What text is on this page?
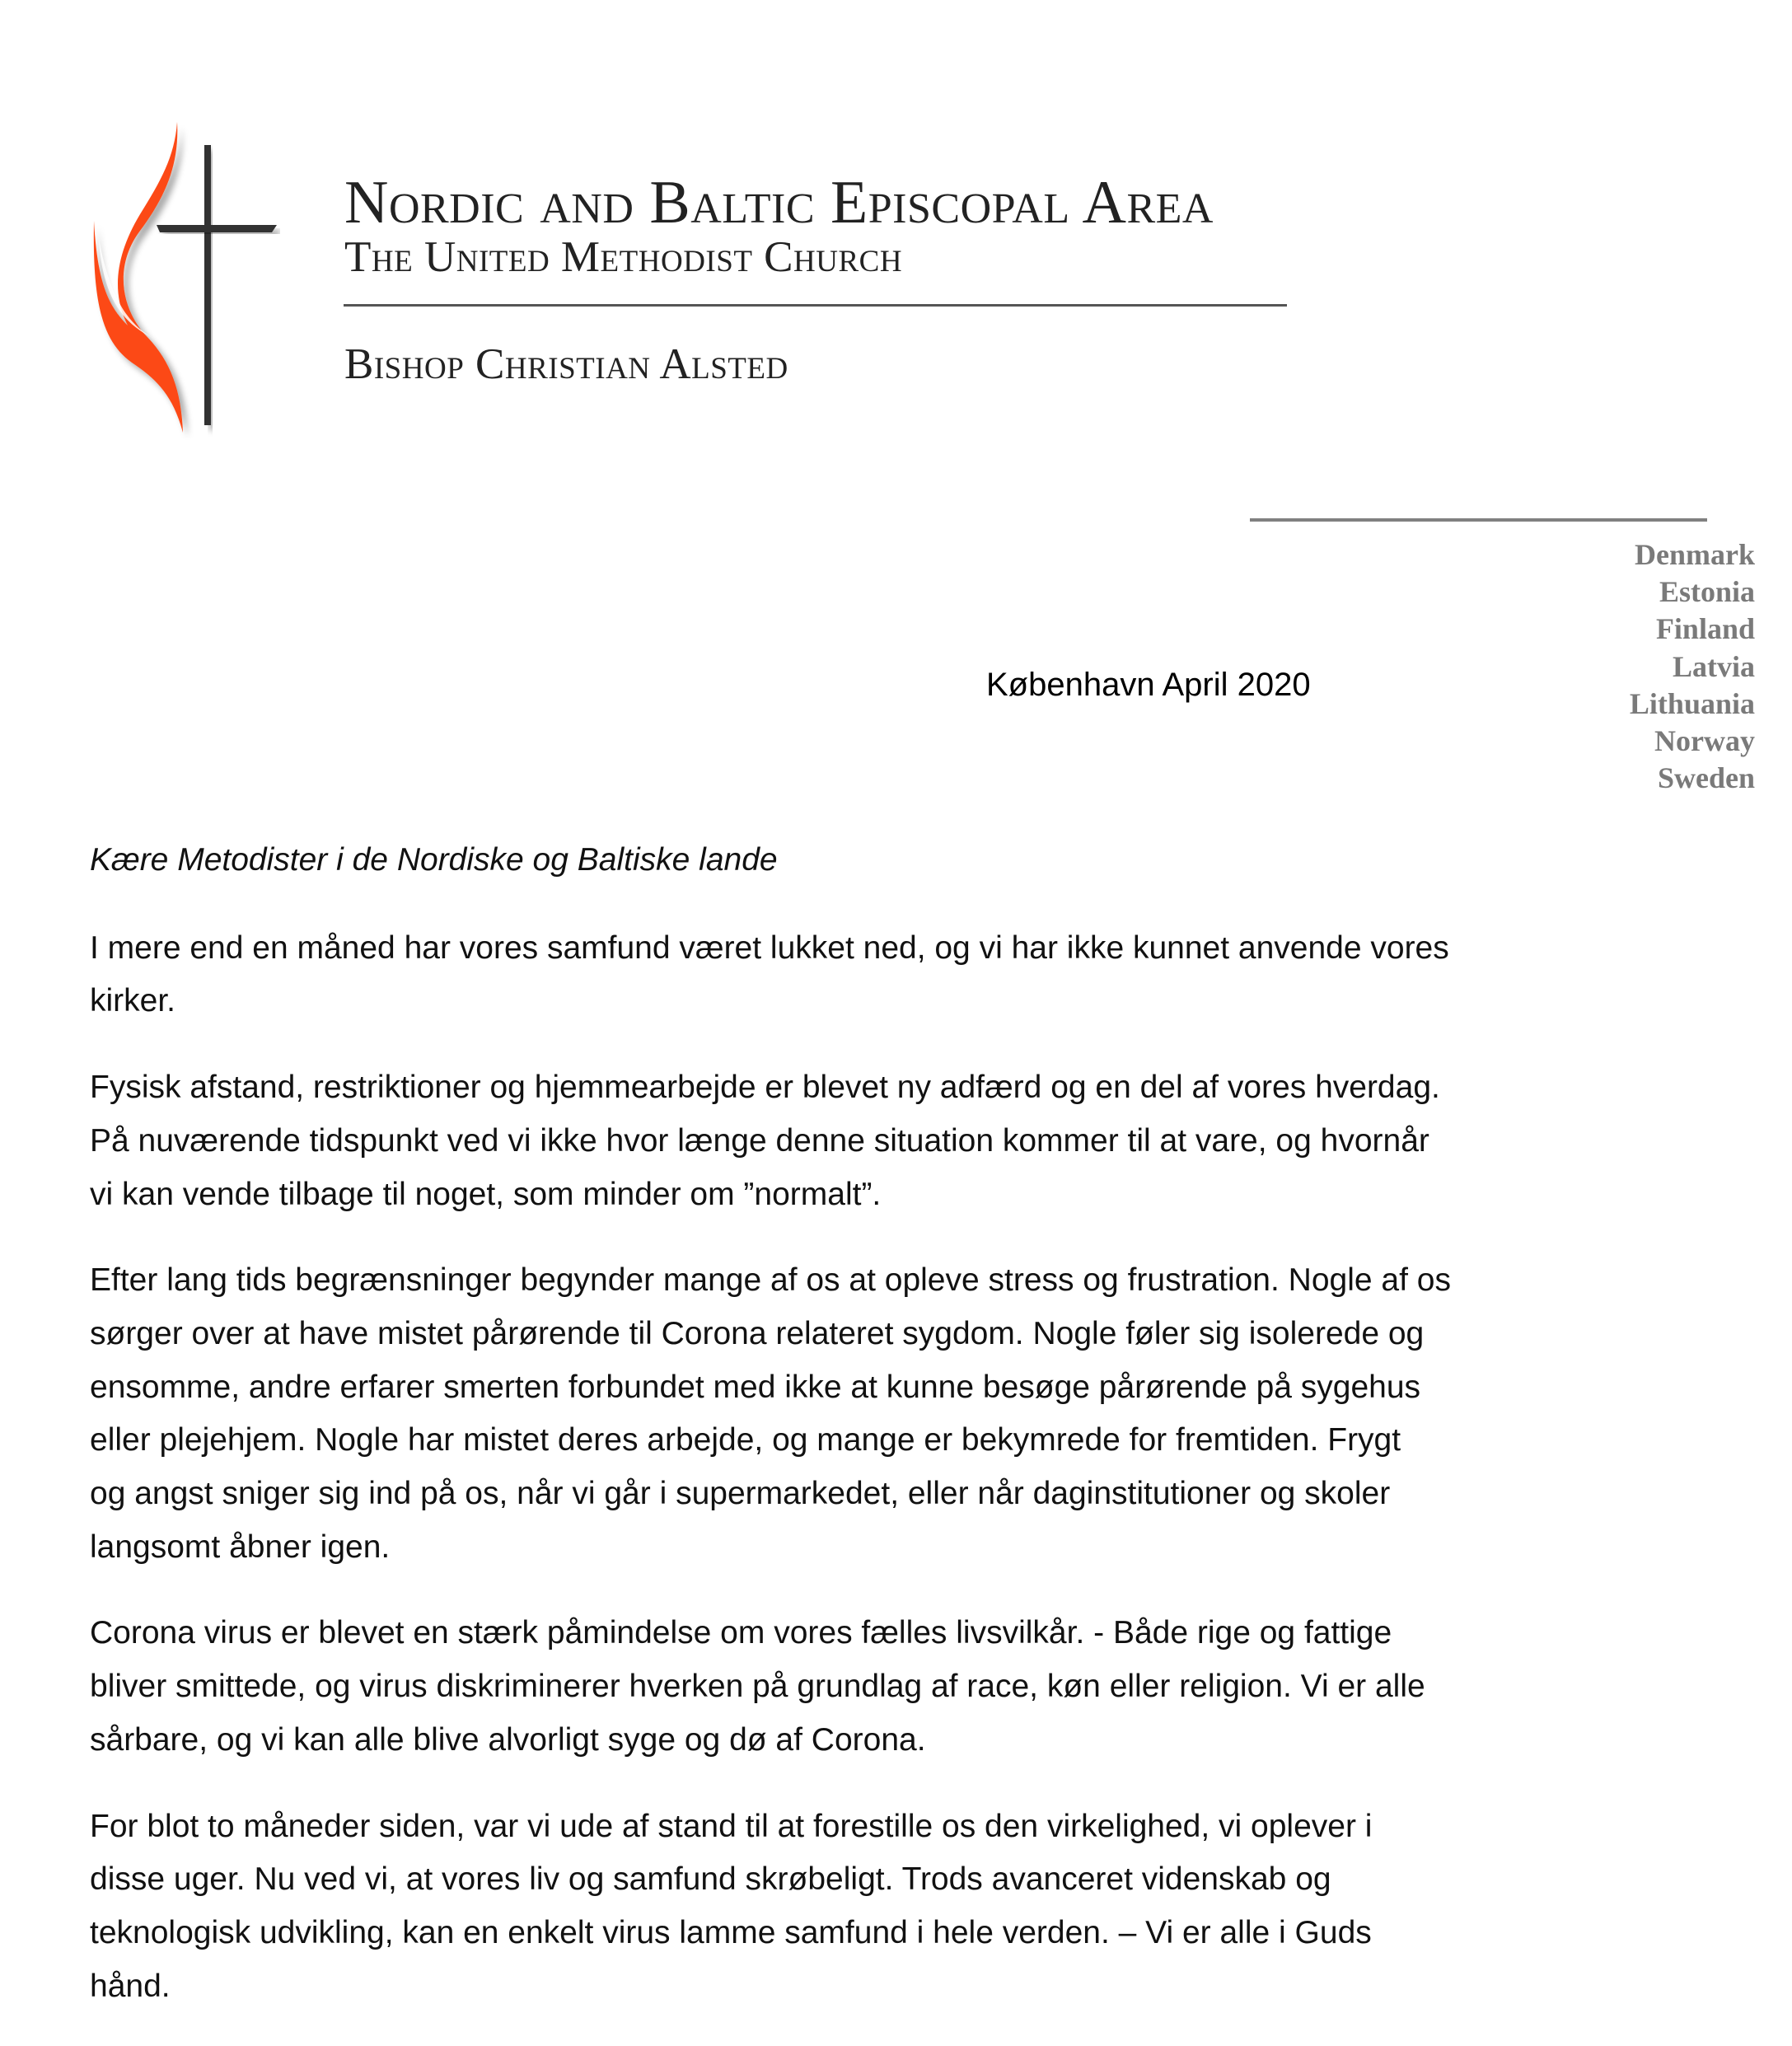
Nordic and Baltic Episcopal Area
The United Methodist Church
Bishop Christian Alsted
Denmark
Estonia
Finland
Latvia
Lithuania
Norway
Sweden
København April 2020

Kære Metodister i de Nordiske og Baltiske lande

I mere end en måned har vores samfund været lukket ned, og vi har ikke kunnet anvende vores
kirker.

Fysisk afstand, restriktioner og hjemmearbejde er blevet ny adfærd og en del af vores hverdag.
På nuværende tidspunkt ved vi ikke hvor længe denne situation kommer til at vare, og hvornår
vi kan vende tilbage til noget, som minder om ”normalt”.

Efter lang tids begrænsninger begynder mange af os at opleve stress og frustration. Nogle af os
sørger over at have mistet pårørende til Corona relateret sygdom. Nogle føler sig isolerede og
ensomme, andre erfarer smerten forbundet med ikke at kunne besøge pårørende på sygehus
eller plejehjem. Nogle har mistet deres arbejde, og mange er bekymrede for fremtiden. Frygt
og angst sniger sig ind på os, når vi går i supermarkedet, eller når daginstitutioner og skoler
langsomt åbner igen.

Corona virus er blevet en stærk påmindelse om vores fælles livsvilkår. - Både rige og fattige
bliver smittede, og virus diskriminerer hverken på grundlag af race, køn eller religion. Vi er alle
sårbare, og vi kan alle blive alvorligt syge og dø af Corona.

For blot to måneder siden, var vi ude af stand til at forestille os den virkelighed, vi oplever i
disse uger. Nu ved vi, at vores liv og samfund skrøbeligt. Trods avanceret videnskab og
teknologisk udvikling, kan en enkelt virus lamme samfund i hele verden. – Vi er alle i Guds
hånd.
